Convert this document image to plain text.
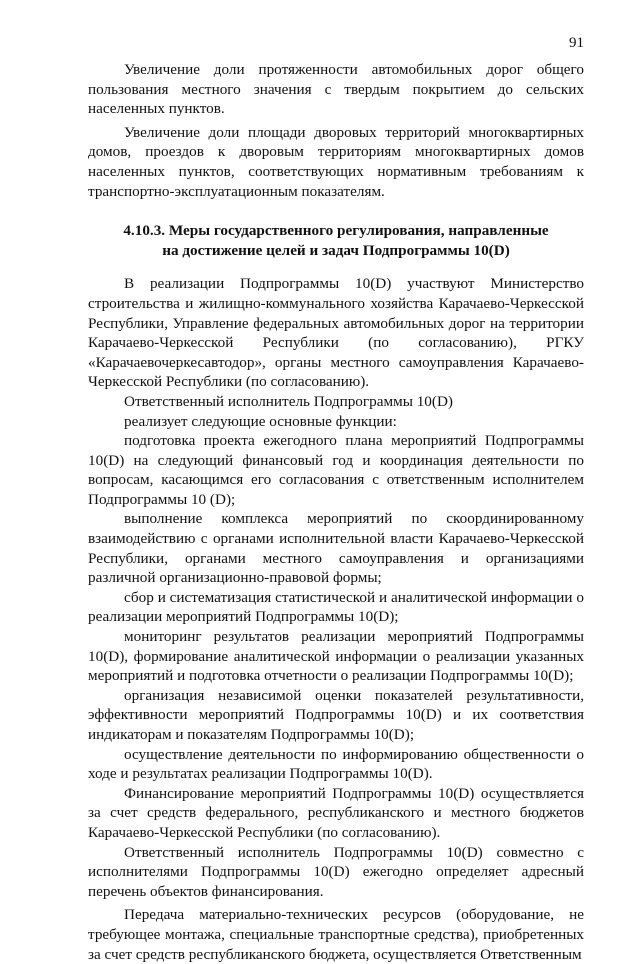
91

Увеличение доли протяженности автомобильных дорог общего пользования местного значения с твердым покрытием до сельских населенных пунктов.

Увеличение доли площади дворовых территорий многоквартирных домов, проездов к дворовым территориям многоквартирных домов населенных пунктов, соответствующих нормативным требованиям к транспортно-эксплуатационным показателям.

4.10.3. Меры государственного регулирования, направленные
на достижение целей и задач Подпрограммы 10(D)

В реализации Подпрограммы 10(D) участвуют Министерство строительства и жилищно-коммунального хозяйства Карачаево-Черкесской Республики, Управление федеральных автомобильных дорог на территории Карачаево-Черкесской Республики (по согласованию), РГКУ «Карачаевочеркесавтодор», органы местного самоуправления Карачаево-Черкесской Республики (по согласованию).

Ответственный исполнитель Подпрограммы 10(D)

реализует следующие основные функции:

подготовка проекта ежегодного плана мероприятий Подпрограммы 10(D) на следующий финансовый год и координация деятельности по вопросам, касающимся его согласования с ответственным исполнителем Подпрограммы 10 (D);

выполнение комплекса мероприятий по скоординированному взаимодействию с органами исполнительной власти Карачаево-Черкесской Республики, органами местного самоуправления и организациями различной организационно-правовой формы;

сбор и систематизация статистической и аналитической информации о реализации мероприятий Подпрограммы 10(D);

мониторинг результатов реализации мероприятий Подпрограммы 10(D), формирование аналитической информации о реализации указанных мероприятий и подготовка отчетности о реализации Подпрограммы 10(D);

организация независимой оценки показателей результативности, эффективности мероприятий Подпрограммы 10(D) и их соответствия индикаторам и показателям Подпрограммы 10(D);

осуществление деятельности по информированию общественности о ходе и результатах реализации Подпрограммы 10(D).

Финансирование мероприятий Подпрограммы 10(D) осуществляется за счет средств федерального, республиканского и местного бюджетов Карачаево-Черкесской Республики (по согласованию).

Ответственный исполнитель Подпрограммы 10(D) совместно с исполнителями Подпрограммы 10(D) ежегодно определяет адресный перечень объектов финансирования.

Передача материально-технических ресурсов (оборудование, не требующее монтажа, специальные транспортные средства), приобретенных за счет средств республиканского бюджета, осуществляется Ответственным
